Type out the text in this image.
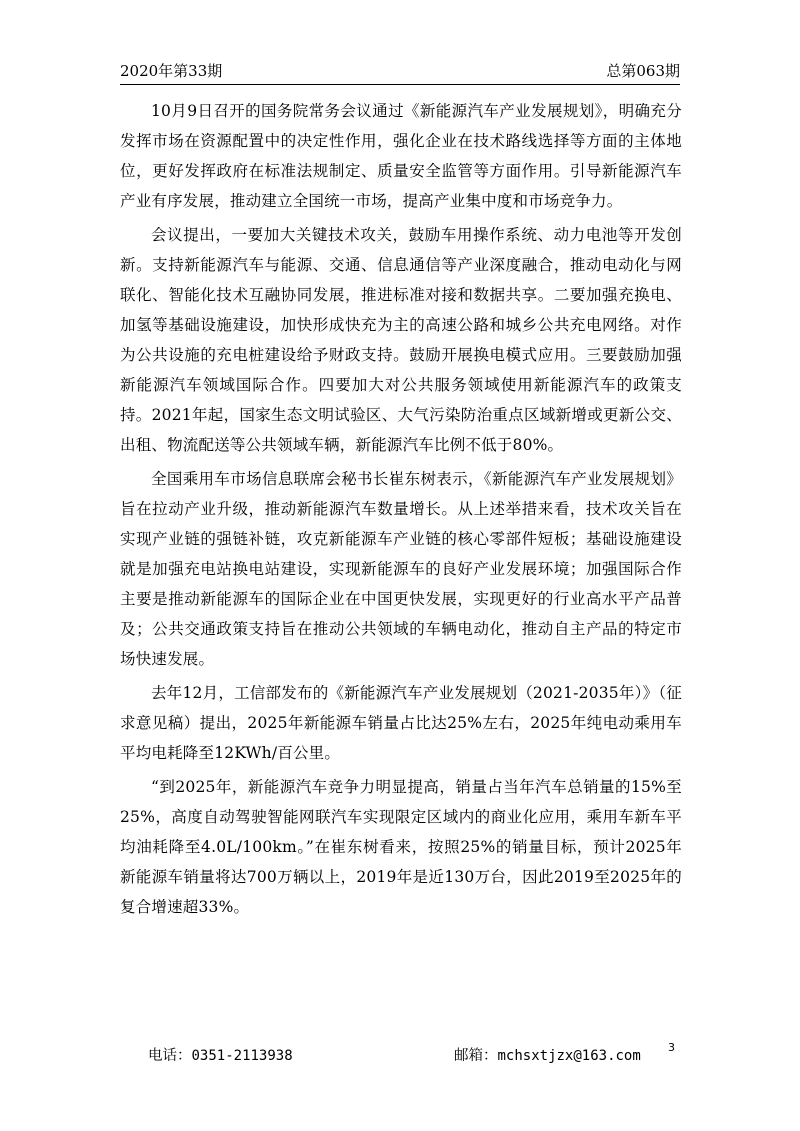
2020年第33期	总第063期

10月9日召开的国务院常务会议通过《新能源汽车产业发展规划》，明确充分发挥市场在资源配置中的决定性作用，强化企业在技术路线选择等方面的主体地位，更好发挥政府在标准法规制定、质量安全监管等方面作用。引导新能源汽车产业有序发展，推动建立全国统一市场，提高产业集中度和市场竞争力。

会议提出，一要加大关键技术攻关，鼓励车用操作系统、动力电池等开发创新。支持新能源汽车与能源、交通、信息通信等产业深度融合，推动电动化与网联化、智能化技术互融协同发展，推进标准对接和数据共享。二要加强充换电、加氢等基础设施建设，加快形成快充为主的高速公路和城乡公共充电网络。对作为公共设施的充电桩建设给予财政支持。鼓励开展换电模式应用。三要鼓励加强新能源汽车领域国际合作。四要加大对公共服务领域使用新能源汽车的政策支持。2021年起，国家生态文明试验区、大气污染防治重点区域新增或更新公交、出租、物流配送等公共领域车辆，新能源汽车比例不低于80%。

全国乘用车市场信息联席会秘书长崔东树表示，《新能源汽车产业发展规划》旨在拉动产业升级，推动新能源汽车数量增长。从上述举措来看，技术攻关旨在实现产业链的强链补链，攻克新能源车产业链的核心零部件短板；基础设施建设就是加强充电站换电站建设，实现新能源车的良好产业发展环境；加强国际合作主要是推动新能源车的国际企业在中国更快发展，实现更好的行业高水平产品普及；公共交通政策支持旨在推动公共领域的车辆电动化，推动自主产品的特定市场快速发展。

去年12月，工信部发布的《新能源汽车产业发展规划（2021-2035年）》（征求意见稿）提出，2025年新能源车销量占比达25%左右，2025年纯电动乘用车平均电耗降至12KWh/百公里。

“到2025年，新能源汽车竞争力明显提高，销量占当年汽车总销量的15%至25%，高度自动驾驶智能网联汽车实现限定区域内的商业化应用，乘用车新车平均油耗降至4.0L/100km。”在崔东树看来，按照25%的销量目标，预计2025年新能源车销量将达700万辆以上，2019年是近130万台，因此2019至2025年的复合增速超33%。

电话：0351-2113938	邮箱：mchsxtjzx@163.com
3
